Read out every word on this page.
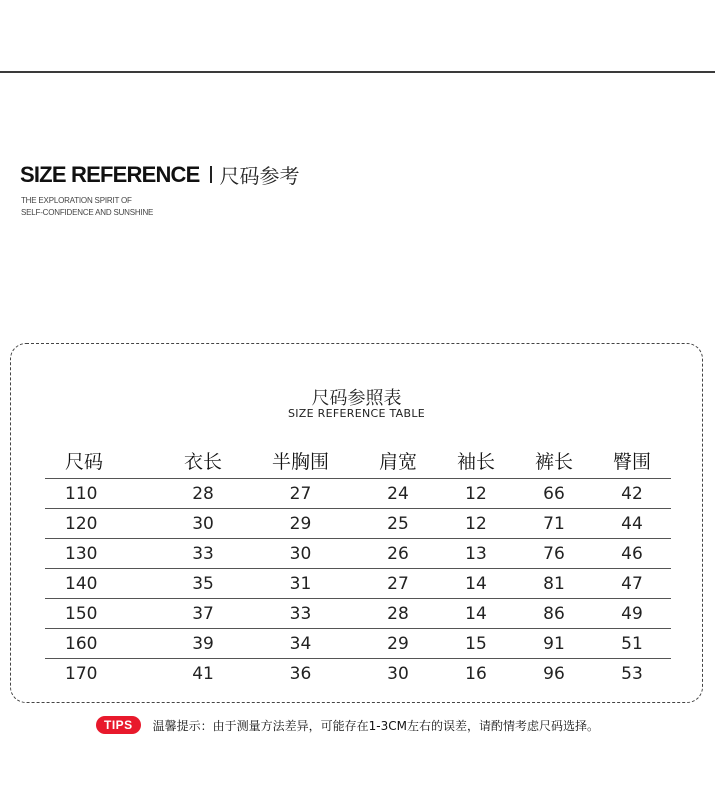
SIZE REFERENCE 尺码参考
THE EXPLORATION SPIRIT OF
SELF-CONFIDENCE AND SUNSHINE
尺码参照表
SIZE REFERENCE TABLE
尺码	衣长	半胸围	肩宽	袖长	裤长	臀围
110	28	27	24	12	66	42
120	30	29	25	12	71	44
130	33	30	26	13	76	46
140	35	31	27	14	81	47
150	37	33	28	14	86	49
160	39	34	29	15	91	51
170	41	36	30	16	96	53
TIPS	温馨提示：由于测量方法差异，可能存在1-3CM左右的误差，请酌情考虑尺码选择。
